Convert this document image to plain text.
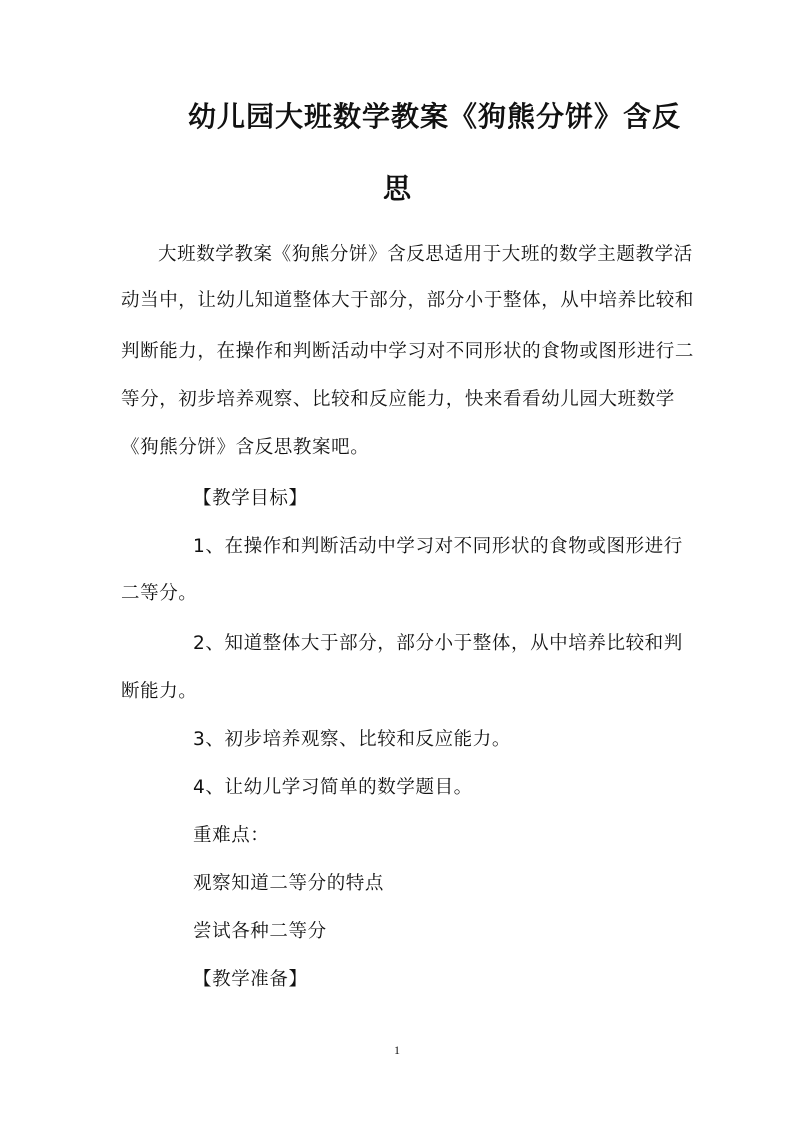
幼儿园大班数学教案《狗熊分饼》含反
思
大班数学教案《狗熊分饼》含反思适用于大班的数学主题教学活
动当中，让幼儿知道整体大于部分，部分小于整体，从中培养比较和
判断能力，在操作和判断活动中学习对不同形状的食物或图形进行二
等分，初步培养观察、比较和反应能力，快来看看幼儿园大班数学
《狗熊分饼》含反思教案吧。
【教学目标】
1、在操作和判断活动中学习对不同形状的食物或图形进行
二等分。
2、知道整体大于部分，部分小于整体，从中培养比较和判
断能力。
3、初步培养观察、比较和反应能力。
4、让幼儿学习简单的数学题目。
重难点：
观察知道二等分的特点
尝试各种二等分
【教学准备】
1
